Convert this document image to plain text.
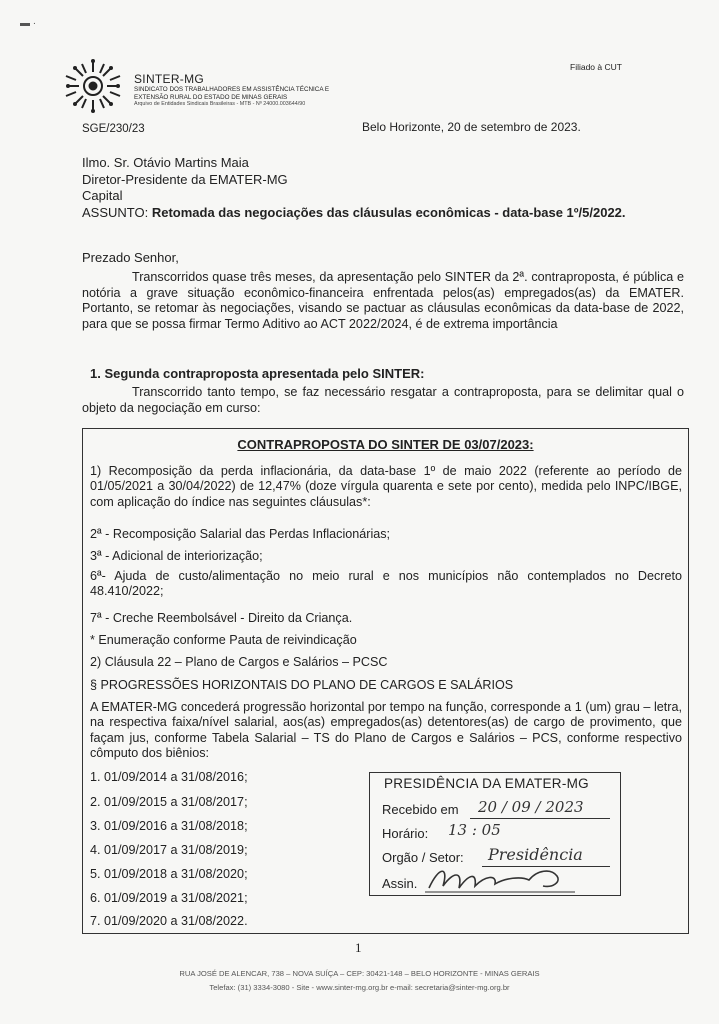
▬ ·
SINTER-MG
SINDICATO DOS TRABALHADORES EM ASSISTÊNCIA TÉCNICA E
EXTENSÃO RURAL DO ESTADO DE MINAS GERAIS
Arquivo de Entidades Sindicais Brasileiras - MTB - Nº 24000.003644/90
Filiado à CUT
SGE/230/23	Belo Horizonte, 20 de setembro de 2023.
Ilmo. Sr. Otávio Martins Maia
Diretor-Presidente da EMATER-MG
Capital
ASSUNTO: Retomada das negociações das cláusulas econômicas - data-base 1º/5/2022.
Prezado Senhor,
Transcorridos quase três meses, da apresentação pelo SINTER da 2ª. contraproposta, é pública e notória a grave situação econômico-financeira enfrentada pelos(as) empregados(as) da EMATER. Portanto, se retomar às negociações, visando se pactuar as cláusulas econômicas da data-base de 2022, para que se possa firmar Termo Aditivo ao ACT 2022/2024, é de extrema importância
1. Segunda contraproposta apresentada pelo SINTER:
Transcorrido tanto tempo, se faz necessário resgatar a contraproposta, para se delimitar qual o objeto da negociação em curso:
CONTRAPROPOSTA DO SINTER DE 03/07/2023:
1) Recomposição da perda inflacionária, da data-base 1º de maio 2022 (referente ao período de 01/05/2021 a 30/04/2022) de 12,47% (doze vírgula quarenta e sete por cento), medida pelo INPC/IBGE, com aplicação do índice nas seguintes cláusulas*:
2ª - Recomposição Salarial das Perdas Inflacionárias;
3ª - Adicional de interiorização;
6ª- Ajuda de custo/alimentação no meio rural e nos municípios não contemplados no Decreto 48.410/2022;
7ª - Creche Reembolsável - Direito da Criança.
* Enumeração conforme Pauta de reivindicação
2) Cláusula 22 – Plano de Cargos e Salários – PCSC
§ PROGRESSÕES HORIZONTAIS DO PLANO DE CARGOS E SALÁRIOS
A EMATER-MG concederá progressão horizontal por tempo na função, corresponde a 1 (um) grau – letra, na respectiva faixa/nível salarial, aos(as) empregados(as) detentores(as) de cargo de provimento, que façam jus, conforme Tabela Salarial – TS do Plano de Cargos e Salários – PCS, conforme respectivo cômputo dos biênios:
1. 01/09/2014 a 31/08/2016;
2. 01/09/2015 a 31/08/2017;
3. 01/09/2016 a 31/08/2018;
4. 01/09/2017 a 31/08/2019;
5. 01/09/2018 a 31/08/2020;
6. 01/09/2019 a 31/08/2021;
7. 01/09/2020 a 31/08/2022.
PRESIDÊNCIA DA EMATER-MG
Recebido em 20 / 09 / 2023
Horário: 13 : 05
Orgão / Setor: Presidência
Assin.
1
RUA JOSÉ DE ALENCAR, 738 – NOVA SUÍÇA – CEP: 30421-148 – BELO HORIZONTE - MINAS GERAIS
Telefax: (31) 3334-3080 - Site - www.sinter-mg.org.br e-mail: secretaria@sinter-mg.org.br
